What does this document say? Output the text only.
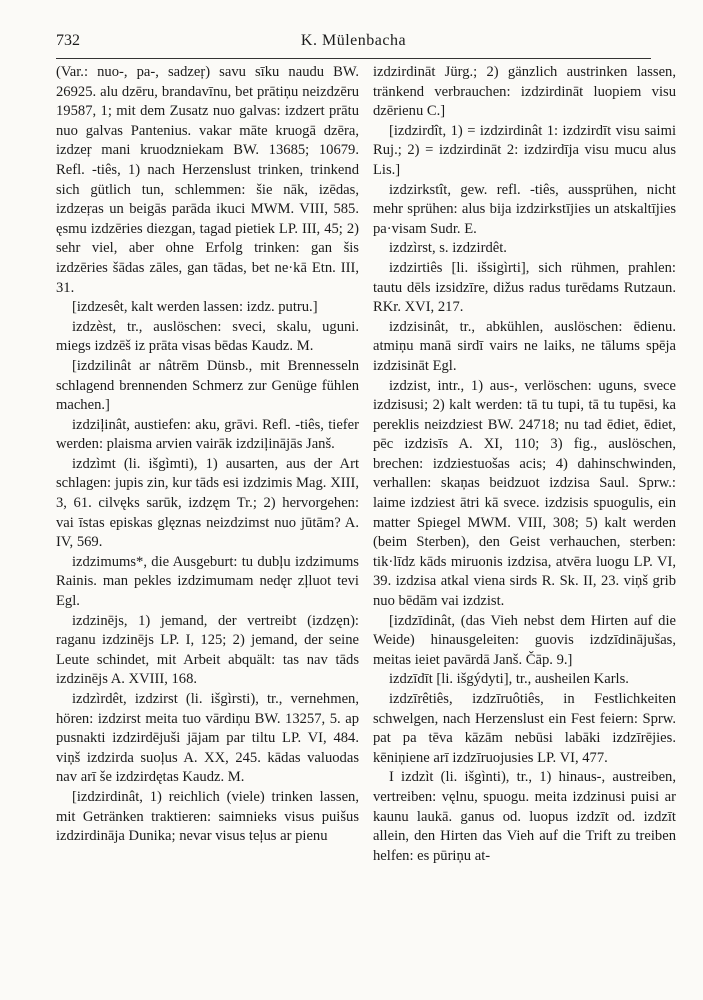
732	K. Mülenbacha

(Var.: nuo-, pa-, sadzeŗ) savu sīku naudu BW. 26925. alu dzēru, brandavīnu, bet prātiņu neizdzēru 19587, 1; mit dem Zusatz nuo galvas: izdzert prātu nuo galvas Pantenius. vakar māte kruogā dzēra, izdzeŗ mani kruodzniekam BW. 13685; 10679. Refl. -tiês, 1) nach Herzenslust trinken, trinkend sich gütlich tun, schlemmen: šie nāk, izēdas, izdzeŗas un beigās parāda ikuci MWM. VIII, 585. ęsmu izdzēries diezgan, tagad pietiek LP. III, 45; 2) sehr viel, aber ohne Erfolg trinken: gan šis izdzēries šādas zāles, gan tādas, bet ne·kā Etn. III, 31.

[izdzesêt, kalt werden lassen: izdz. putru.]

izdzèst, tr., auslöschen: sveci, skalu, uguni. miegs izdzēš iz prāta visas bēdas Kaudz. M.

[izdzilinât ar nâtrēm Dünsb., mit Brennesseln schlagend brennenden Schmerz zur Genüge fühlen machen.]

izdziļinât, austiefen: aku, grāvi. Refl. -tiês, tiefer werden: plaisma arvien vairāk izdziļinājās Janš.

izdzìmt (li. išgìmti), 1) ausarten, aus der Art schlagen: jupis zin, kur tāds esi izdzimis Mag. XIII, 3, 61. cilvęks sarūk, izdzęm Tr.; 2) hervorgehen: vai īstas episkas glęznas neizdzimst nuo jūtām? A. IV, 569.

izdzimums*, die Ausgeburt: tu dubļu izdzimums Rainis. man pekles izdzimumam nedęr zļluot tevi Egl.

izdzinējs, 1) jemand, der vertreibt (izdzęn): raganu izdzinējs LP. I, 125; 2) jemand, der seine Leute schindet, mit Arbeit abquält: tas nav tāds izdzinējs A. XVIII, 168.

izdzìrdêt, izdzirst (li. išgìrsti), tr., vernehmen, hören: izdzirst meita tuo vārdiņu BW. 13257, 5. ap pusnakti izdzirdējuši jājam par tiltu LP. VI, 484. viņš izdzirda suoļus A. XX, 245. kādas valuodas nav arī še izdzirdętas Kaudz. M.

[izdzirdinât, 1) reichlich (viele) trinken lassen, mit Getränken traktieren: saimnieks visus puišus izdzirdināja Dunika; nevar visus teļus ar pienu

izdzirdināt Jürg.; 2) gänzlich austrinken lassen, tränkend verbrauchen: izdzirdināt luopiem visu dzērienu C.]

[izdzirdît, 1) = izdzirdinât 1: izdzirdīt visu saimi Ruj.; 2) = izdzirdināt 2: izdzirdīja visu mucu alus Lis.]

izdzirkstît, gew. refl. -tiês, aussprühen, nicht mehr sprühen: alus bija izdzirkstījies un atskaltījies pa·visam Sudr. E.

izdzìrst, s. izdzirdêt.

izdzirtiês [li. išsigìrti], sich rühmen, prahlen: tautu dēls izsidzīre, dižus radus turēdams Rutzaun. RKr. XVI, 217.

izdzisinât, tr., abkühlen, auslöschen: ēdienu. atmiņu manā sirdī vairs ne laiks, ne tālums spēja izdzisināt Egl.

izdzist, intr., 1) aus-, verlöschen: uguns, svece izdzisusi; 2) kalt werden: tā tu tupi, tā tu tupēsi, ka pereklis neizdziest BW. 24718; nu tad ēdiet, ēdiet, pēc izdzisīs A. XI, 110; 3) fig., auslöschen, brechen: izdziestuošas acis; 4) dahinschwinden, verhallen: skaņas beidzuot izdzisa Saul. Sprw.: laime izdziest ātri kā svece. izdzisis spuogulis, ein matter Spiegel MWM. VIII, 308; 5) kalt werden (beim Sterben), den Geist verhauchen, sterben: tik·līdz kāds miruonis izdzisa, atvēra luogu LP. VI, 39. izdzisa atkal viena sirds R. Sk. II, 23. viņš grib nuo bēdām vai izdzist.

[izdzīdinât, (das Vieh nebst dem Hirten auf die Weide) hinausgeleiten: guovis izdzīdinājušas, meitas ieiet pavārdā Janš. Čāp. 9.]

izdzīdīt [li. išgýdyti], tr., ausheilen Karls.

izdzīrêtiês, izdzīruôtiês, in Festlichkeiten schwelgen, nach Herzenslust ein Fest feiern: Sprw. pat pa tēva kāzām nebūsi labāki izdzīrējies. kēniņiene arī izdzīruojusies LP. VI, 477.

I izdzìt (li. išgìnti), tr., 1) hinaus-, austreiben, vertreiben: vęlnu, spuogu. meita izdzinusi puisi ar kaunu laukā. ganus od. luopus izdzīt od. izdzīt allein, den Hirten das Vieh auf die Trift zu treiben helfen: es pūriņu at-
